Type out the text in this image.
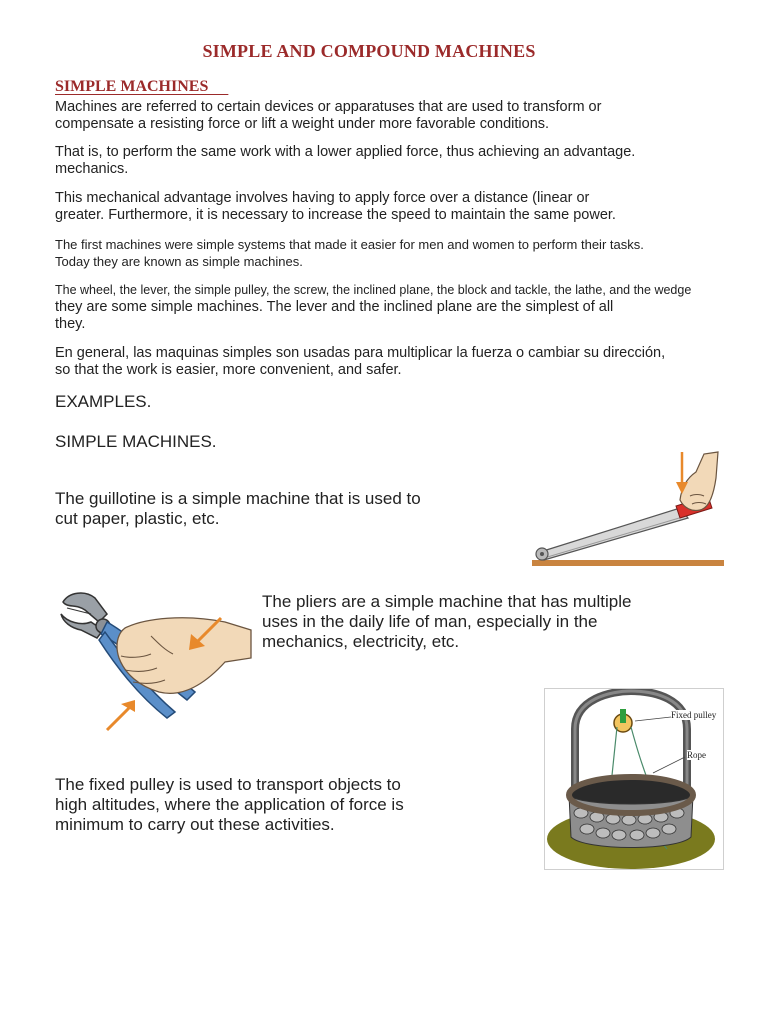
SIMPLE AND COMPOUND MACHINES
SIMPLE MACHINES
Machines are referred to certain devices or apparatuses that are used to transform or
compensate a resisting force or lift a weight under more favorable conditions.
That is, to perform the same work with a lower applied force, thus achieving an advantage.
mechanics.
This mechanical advantage involves having to apply force over a distance (linear or
greater. Furthermore, it is necessary to increase the speed to maintain the same power.
The first machines were simple systems that made it easier for men and women to perform their tasks.
Today they are known as simple machines.
The wheel, the lever, the simple pulley, the screw, the inclined plane, the block and tackle, the lathe, and the wedge
they are some simple machines. The lever and the inclined plane are the simplest of all
they.
En general, las maquinas simples son usadas para multiplicar la fuerza o cambiar su dirección,
so that the work is easier, more convenient, and safer.
EXAMPLES.
SIMPLE MACHINES.
The guillotine is a simple machine that is used to
cut paper, plastic, etc.
The pliers are a simple machine that has multiple
uses in the daily life of man, especially in the
mechanics, electricity, etc.
The fixed pulley is used to transport objects to
high altitudes, where the application of force is
minimum to carry out these activities.
Fixed pulley
Rope
